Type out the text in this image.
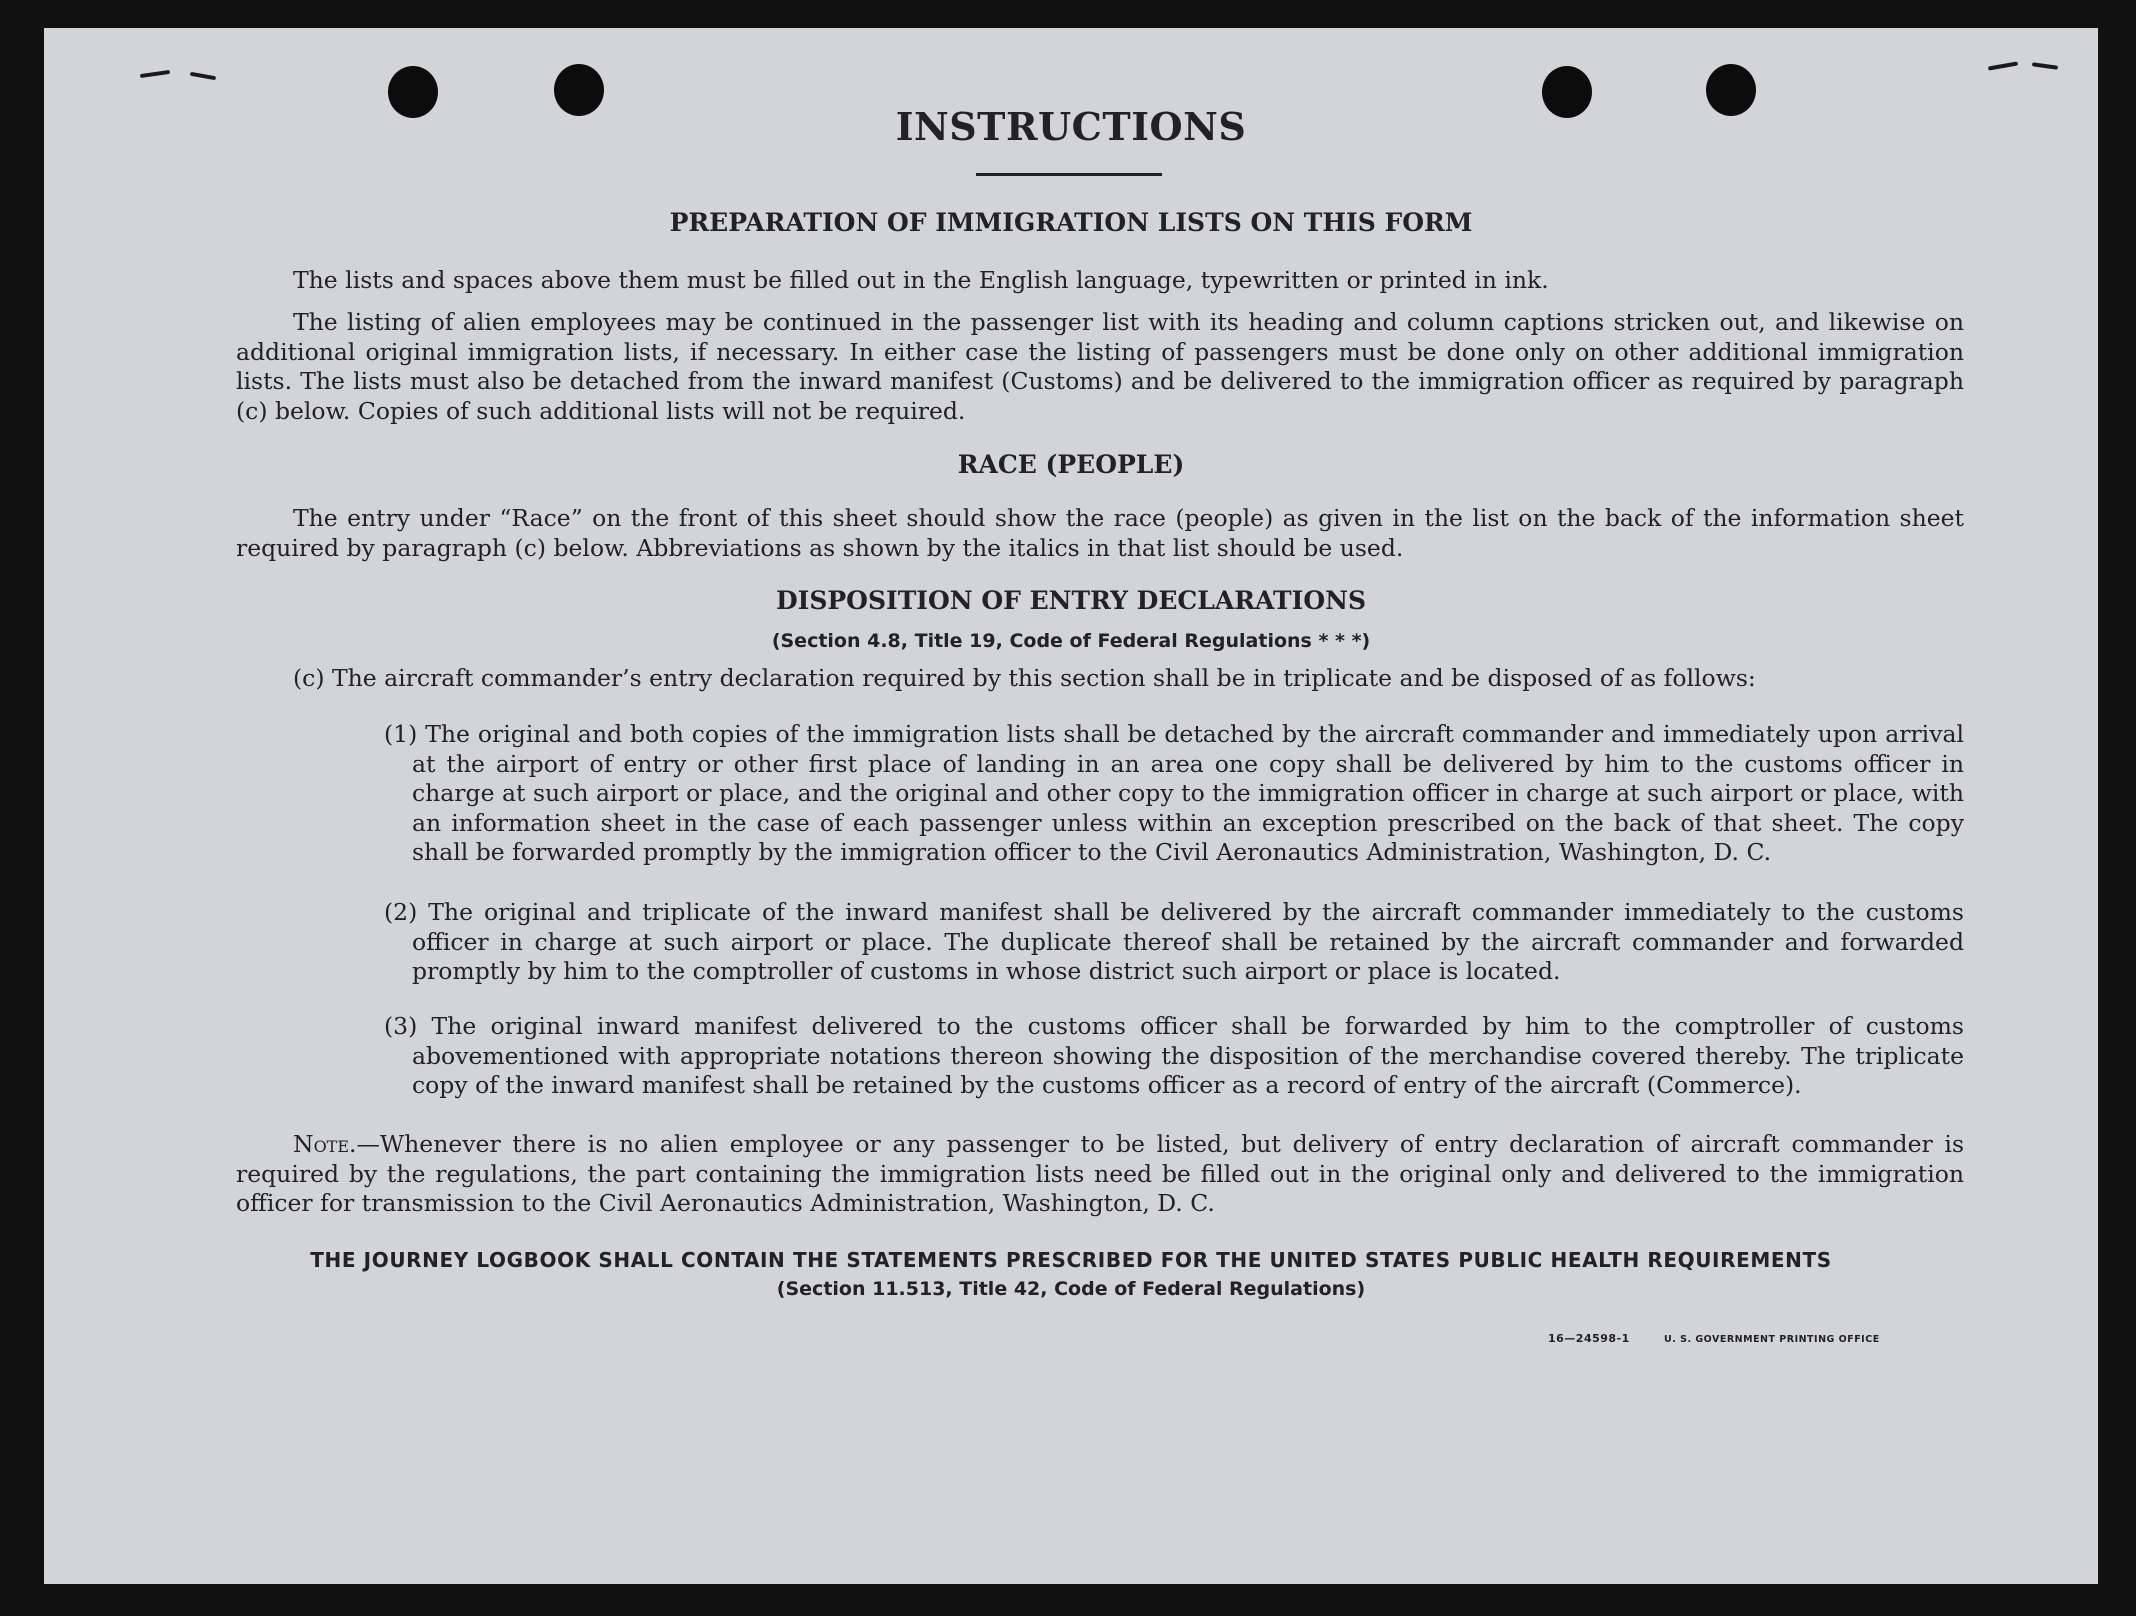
INSTRUCTIONS
PREPARATION OF IMMIGRATION LISTS ON THIS FORM
The lists and spaces above them must be filled out in the English language, typewritten or printed in ink.
The listing of alien employees may be continued in the passenger list with its heading and column captions stricken out, and likewise on additional original immigration lists, if necessary. In either case the listing of passengers must be done only on other additional immigration lists. The lists must also be detached from the inward manifest (Customs) and be delivered to the immigration officer as required by paragraph (c) below. Copies of such additional lists will not be required.
RACE (PEOPLE)
The entry under “Race” on the front of this sheet should show the race (people) as given in the list on the back of the information sheet required by paragraph (c) below. Abbreviations as shown by the italics in that list should be used.
DISPOSITION OF ENTRY DECLARATIONS
(Section 4.8, Title 19, Code of Federal Regulations * * *)
(c) The aircraft commander’s entry declaration required by this section shall be in triplicate and be disposed of as follows:
(1) The original and both copies of the immigration lists shall be detached by the aircraft commander and immediately upon arrival at the airport of entry or other first place of landing in an area one copy shall be delivered by him to the customs officer in charge at such airport or place, and the original and other copy to the immigration officer in charge at such airport or place, with an information sheet in the case of each passenger unless within an exception prescribed on the back of that sheet. The copy shall be forwarded promptly by the immigration officer to the Civil Aeronautics Administration, Washington, D. C.
(2) The original and triplicate of the inward manifest shall be delivered by the aircraft commander immediately to the customs officer in charge at such airport or place. The duplicate thereof shall be retained by the aircraft commander and forwarded promptly by him to the comptroller of customs in whose district such airport or place is located.
(3) The original inward manifest delivered to the customs officer shall be forwarded by him to the comptroller of customs abovementioned with appropriate notations thereon showing the disposition of the merchandise covered thereby. The triplicate copy of the inward manifest shall be retained by the customs officer as a record of entry of the aircraft (Commerce).
Note.—Whenever there is no alien employee or any passenger to be listed, but delivery of entry declaration of aircraft commander is required by the regulations, the part containing the immigration lists need be filled out in the original only and delivered to the immigration officer for transmission to the Civil Aeronautics Administration, Washington, D. C.
THE JOURNEY LOGBOOK SHALL CONTAIN THE STATEMENTS PRESCRIBED FOR THE UNITED STATES PUBLIC HEALTH REQUIREMENTS
(Section 11.513, Title 42, Code of Federal Regulations)
16—24598-1	U. S. GOVERNMENT PRINTING OFFICE
